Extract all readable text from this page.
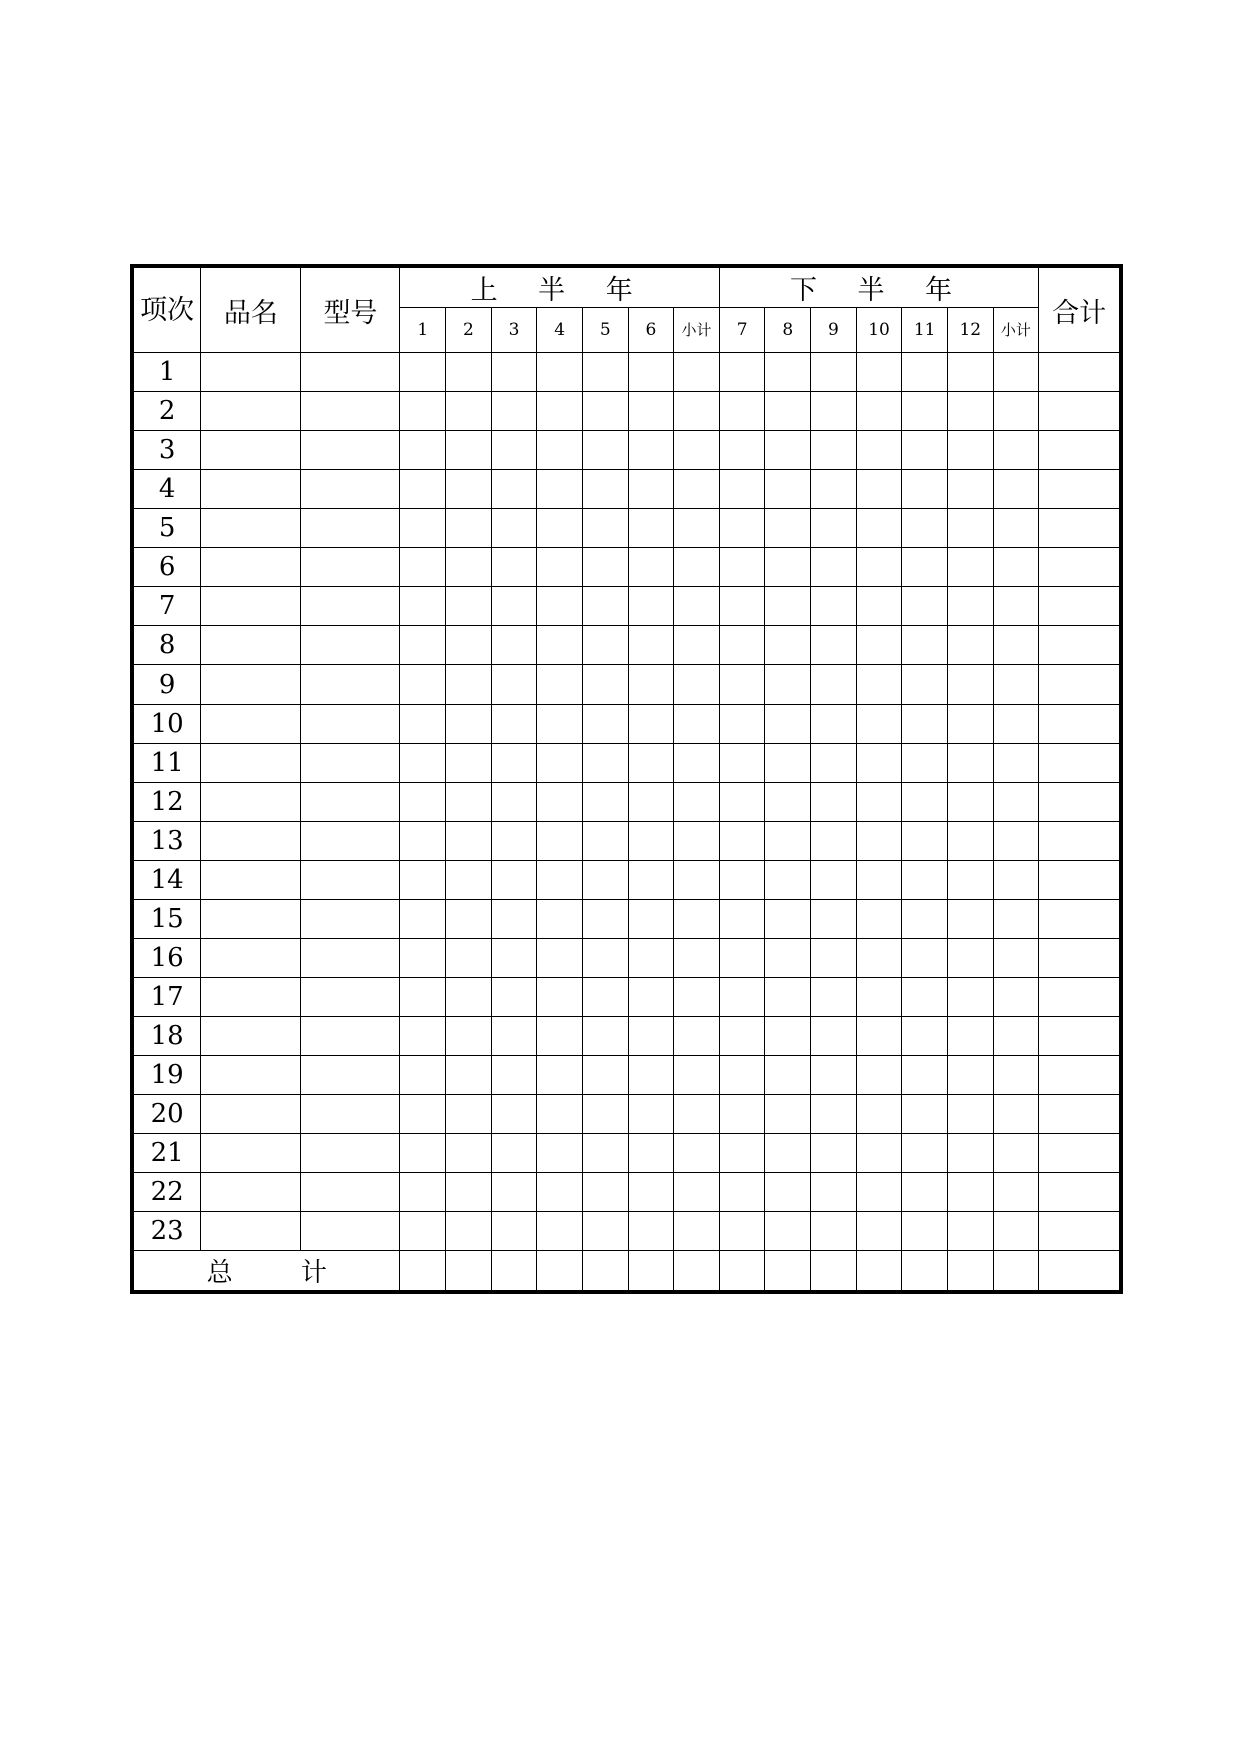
项次	品名	型号	上 半 年							下 半 年							合计
			1	2	3	4	5	6	小计	7	8	9	10	11	12	小计	
1																	
2																	
3																	
4																	
5																	
6																	
7																	
8																	
9																	
10																	
11																	
12																	
13																	
14																	
15																	
16																	
17																	
18																	
19																	
20																	
21																	
22																	
23																	
总 计																	
